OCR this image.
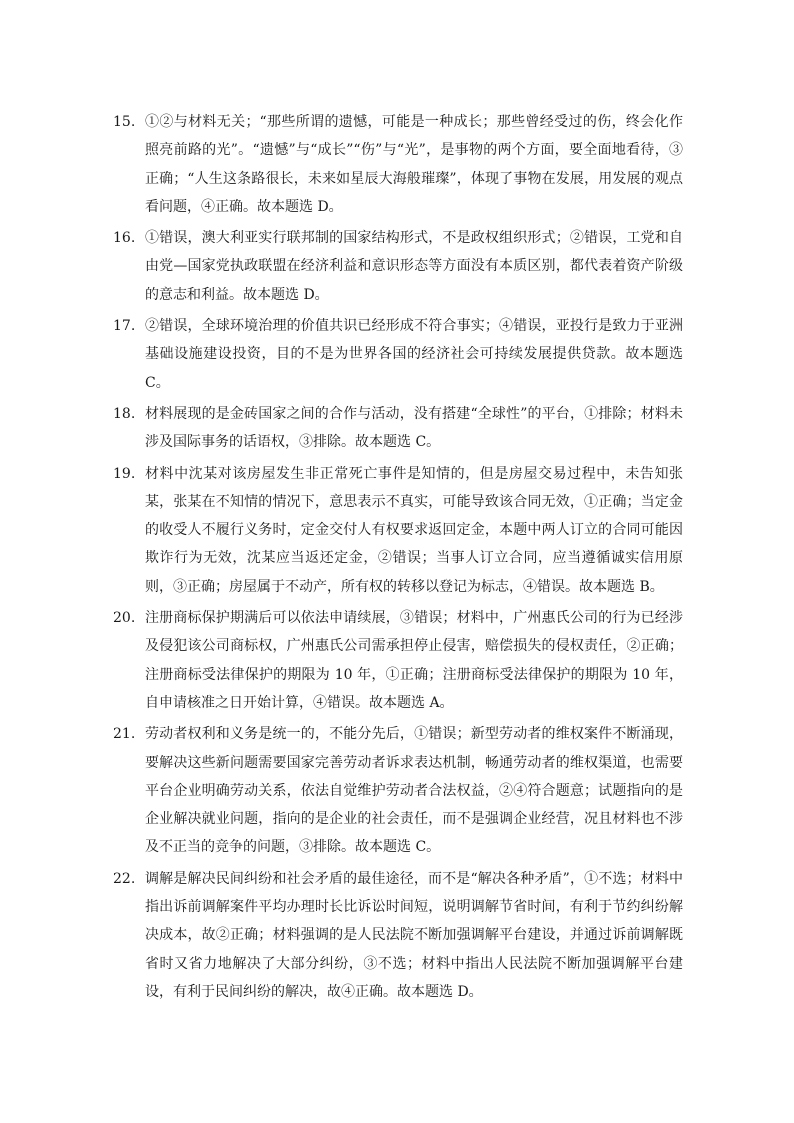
15. ①②与材料无关；“那些所谓的遗憾，可能是一种成长；那些曾经受过的伤，终会化作照亮前路的光”。“遗憾”与“成长”“伤”与“光”，是事物的两个方面，要全面地看待，③正确；“人生这条路很长，未来如星辰大海般璀璨”，体现了事物在发展，用发展的观点看问题，④正确。故本题选 D。
16. ①错误，澳大利亚实行联邦制的国家结构形式，不是政权组织形式；②错误，工党和自由党—国家党执政联盟在经济利益和意识形态等方面没有本质区别，都代表着资产阶级的意志和利益。故本题选 D。
17. ②错误，全球环境治理的价值共识已经形成不符合事实；④错误，亚投行是致力于亚洲基础设施建设投资，目的不是为世界各国的经济社会可持续发展提供贷款。故本题选 C。
18. 材料展现的是金砖国家之间的合作与活动，没有搭建“全球性”的平台，①排除；材料未涉及国际事务的话语权，③排除。故本题选 C。
19. 材料中沈某对该房屋发生非正常死亡事件是知情的，但是房屋交易过程中，未告知张某，张某在不知情的情况下，意思表示不真实，可能导致该合同无效，①正确；当定金的收受人不履行义务时，定金交付人有权要求返回定金，本题中两人订立的合同可能因欺诈行为无效，沈某应当返还定金，②错误；当事人订立合同，应当遵循诚实信用原则，③正确；房屋属于不动产，所有权的转移以登记为标志，④错误。故本题选 B。
20. 注册商标保护期满后可以依法申请续展，③错误；材料中，广州惠氏公司的行为已经涉及侵犯该公司商标权，广州惠氏公司需承担停止侵害，赔偿损失的侵权责任，②正确；注册商标受法律保护的期限为 10 年，①正确；注册商标受法律保护的期限为 10 年，自申请核准之日开始计算，④错误。故本题选 A。
21. 劳动者权利和义务是统一的，不能分先后，①错误；新型劳动者的维权案件不断涌现，要解决这些新问题需要国家完善劳动者诉求表达机制，畅通劳动者的维权渠道，也需要平台企业明确劳动关系，依法自觉维护劳动者合法权益，②④符合题意；试题指向的是企业解决就业问题，指向的是企业的社会责任，而不是强调企业经营，况且材料也不涉及不正当的竞争的问题，③排除。故本题选 C。
22. 调解是解决民间纠纷和社会矛盾的最佳途径，而不是“解决各种矛盾”，①不选；材料中指出诉前调解案件平均办理时长比诉讼时间短，说明调解节省时间，有利于节约纠纷解决成本，故②正确；材料强调的是人民法院不断加强调解平台建设，并通过诉前调解既省时又省力地解决了大部分纠纷，③不选；材料中指出人民法院不断加强调解平台建设，有利于民间纠纷的解决，故④正确。故本题选 D。
